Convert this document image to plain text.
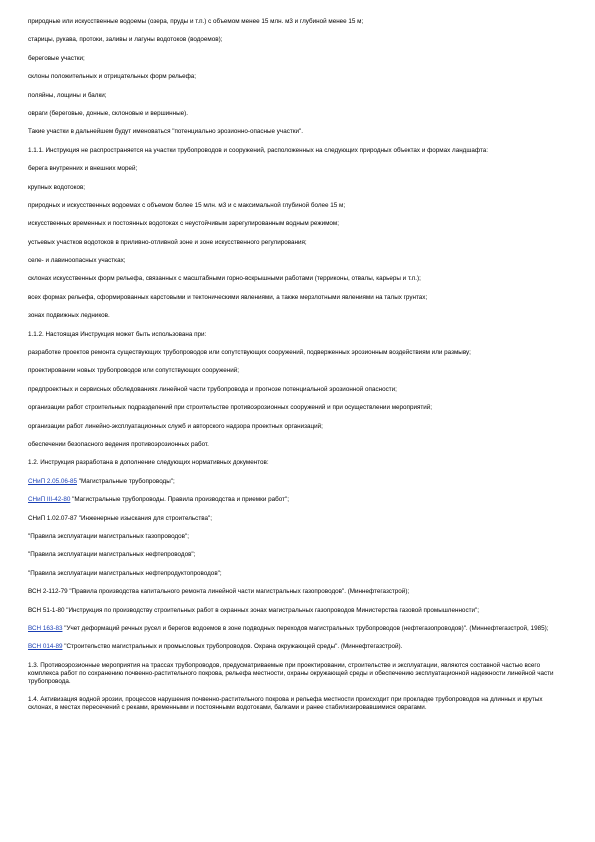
природные или искусственные водоемы (озера, пруды и т.п.) с объемом менее 15 млн. м3 и глубиной менее 15 м;

старицы, рукава, протоки, заливы и лагуны водотоков (водоемов);

береговые участки;

склоны положительных и отрицательных форм рельефа;

поляйны, лощины и балки;

овраги (береговые, донные, склоновые и вершинные).

Такие участки в дальнейшем будут именоваться "потенциально эрозионно-опасные участки".

1.1.1. Инструкция не распространяется на участки трубопроводов и сооружений, расположенных на следующих природных объектах и формах ландшафта:

берега внутренних и внешних морей;

крупных водотоков;

природных и искусственных водоемах с объемом более 15 млн. м3 и с максимальной глубиной более 15 м;

искусственных временных и постоянных водотоках с неустойчивым зарегулированным водным режимом;

устьевых участков водотоков в приливно-отливной зоне и зоне искусственного регулирования;

селе- и лавиноопасных участках;

склонах искусственных форм рельефа, связанных с масштабными горно-вскрышными работами (терриконы, отвалы, карьеры и т.п.);

всех формах рельефа, сформированных карстовыми и тектоническими явлениями, а также мерзлотными явлениями на талых грунтах;

зонах подвижных ледников.

1.1.2. Настоящая Инструкция может быть использована при:

разработке проектов ремонта существующих трубопроводов или сопутствующих сооружений, подверженных эрозионным воздействиям или размыву;

проектировании новых трубопроводов или сопутствующих сооружений;

предпроектных и сервисных обследованиях линейной части трубопровода и прогнозе потенциальной эрозионной опасности;

организации работ строительных подразделений при строительстве противоэрозионных сооружений и при осуществлении мероприятий;

организации работ линейно-эксплуатационных служб и авторского надзора проектных организаций;

обеспечении безопасного ведения противоэрозионных работ.

1.2. Инструкция разработана в дополнение следующих нормативных документов:

СНиП 2.05.06-85 "Магистральные трубопроводы";

СНиП III-42-80 "Магистральные трубопроводы. Правила производства и приемки работ";

СНиП 1.02.07-87 "Инженерные изыскания для строительства";

"Правила эксплуатации магистральных газопроводов";

"Правила эксплуатации магистральных нефтепроводов";

"Правила эксплуатации магистральных нефтепродуктопроводов";

ВСН 2-112-79 "Правила производства капитального ремонта линейной части магистральных газопроводов". (Миннефтегазстрой);

ВСН 51-1-80 "Инструкция по производству строительных работ в охранных зонах магистральных газопроводов Министерства газовой промышленности";

ВСН 163-83 "Учет деформаций речных русел и берегов водоемов в зоне подводных переходов магистральных трубопроводов (нефтегазопроводов)". (Миннефтегазстрой, 1985);

ВСН 014-89 "Строительство магистральных и промысловых трубопроводов. Охрана окружающей среды". (Миннефтегазстрой).

1.3. Противоэрозионные мероприятия на трассах трубопроводов, предусматриваемые при проектировании, строительстве и эксплуатации, являются составной частью всего комплекса работ по сохранению почвенно-растительного покрова, рельефа местности, охраны окружающей среды и обеспечению эксплуатационной надежности линейной части трубопровода.

1.4. Активизация водной эрозии, процессов нарушения почвенно-растительного покрова и рельефа местности происходит при прокладке трубопроводов на длинных и крутых склонах, в местах пересечений с реками, временными и постоянными водотоками, балками и ранее стабилизировавшимися оврагами.
